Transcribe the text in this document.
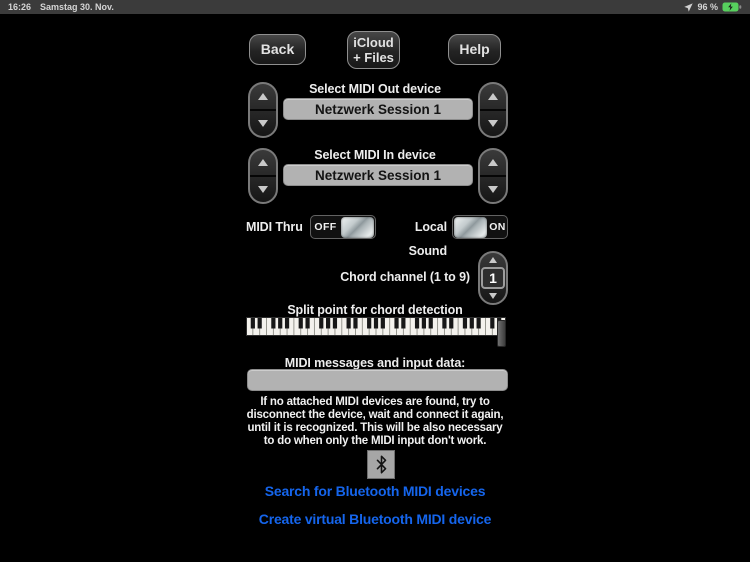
16:26 Samstag 30. Nov.	96 %
Back	iCloud
+ Files
Help
Select MIDI Out device
Netzwerk Session 1
Select MIDI In device
Netzwerk Session 1
MIDI Thru	OFF	Local Sound
ON
Chord channel (1 to 9)	1
Split point for chord detection
MIDI messages and input data:
If no attached MIDI devices are found, try to
disconnect the device, wait and connect it again,
until it is recognized. This will be also necessary
to do when only the MIDI input don't work.
Search for Bluetooth MIDI devices
Create virtual Bluetooth MIDI device
